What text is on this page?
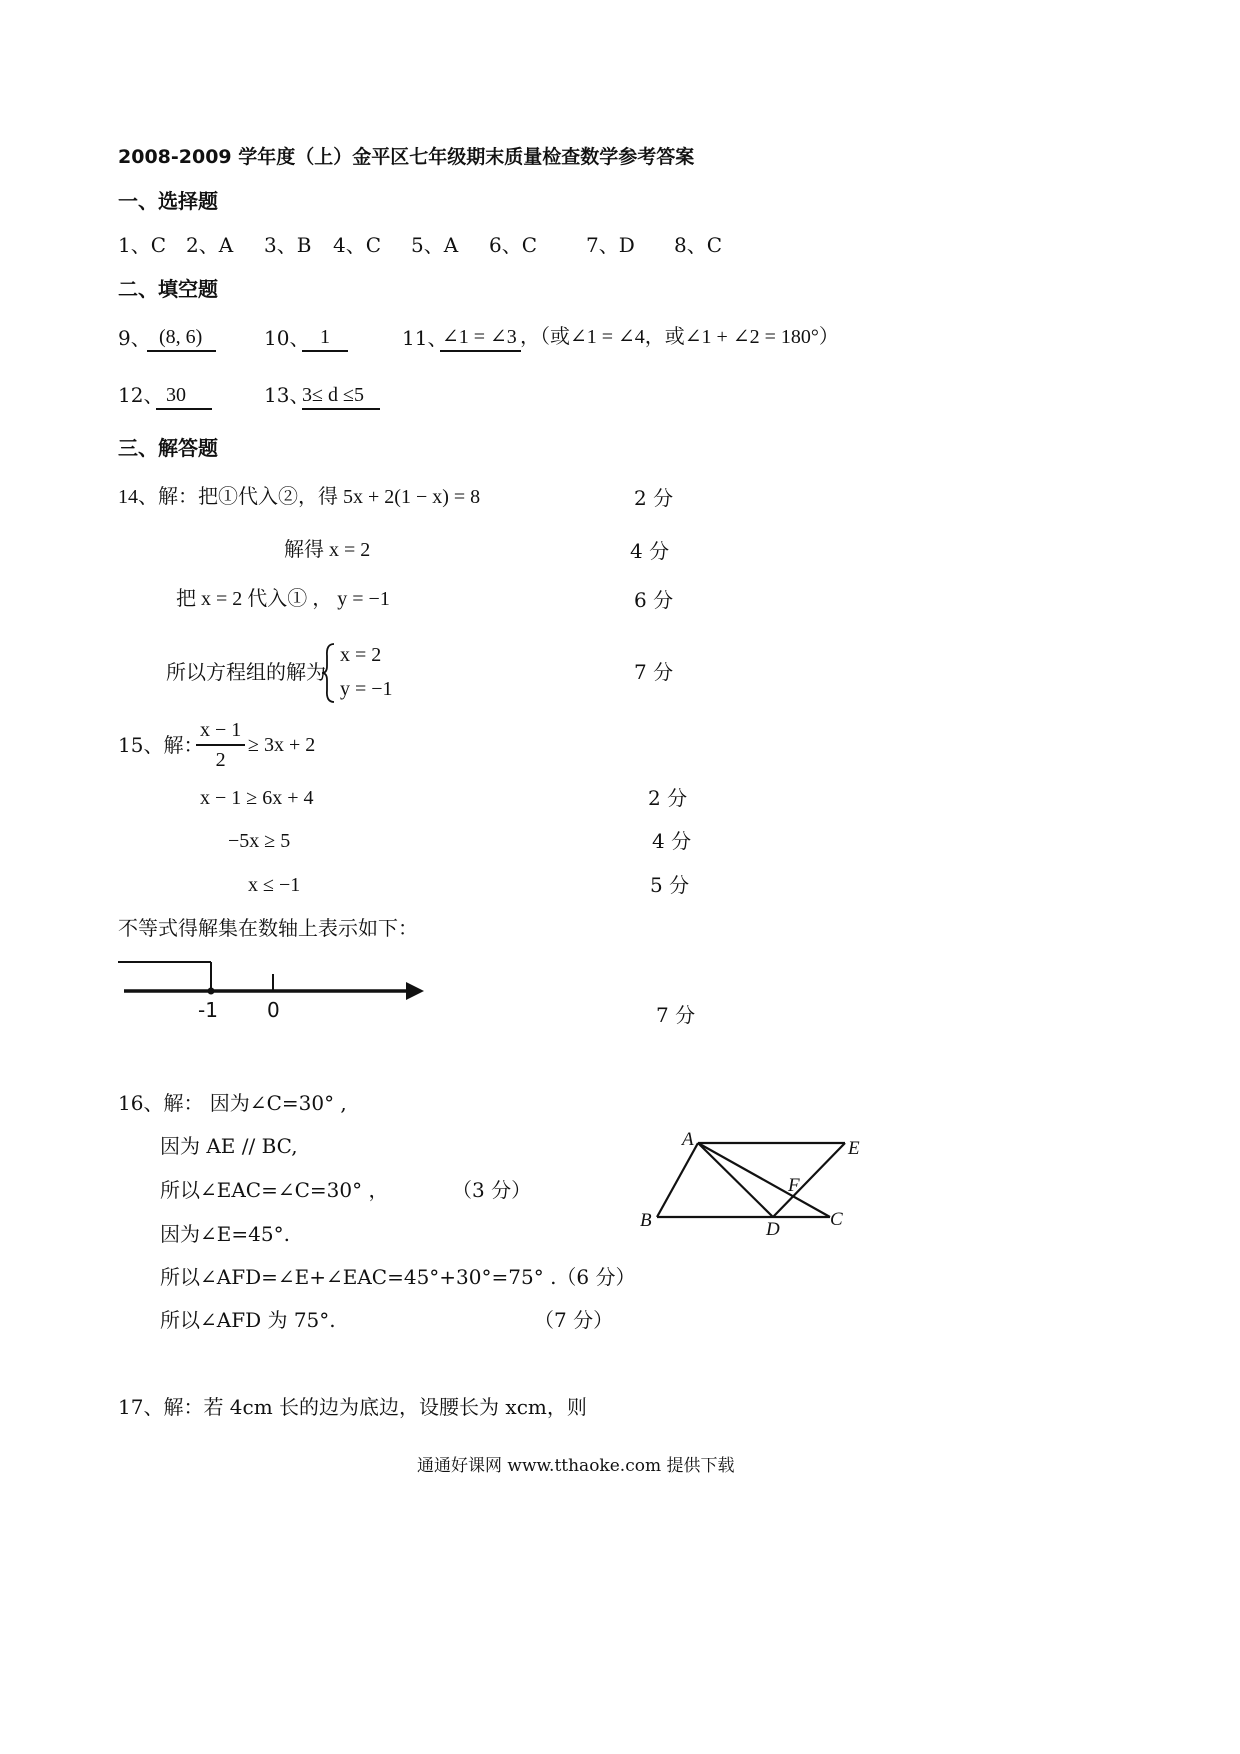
2008-2009 学年度（上）金平区七年级期末质量检查数学参考答案
一、选择题
1、C 2、A 3、B 4、C 5、A 6、C 7、D 8、C
二、填空题
9、 (8, 6)	10、 1	11、
∠1 = ∠3 ，（或∠1 = ∠4，或∠1 + ∠2 = 180°）
12、 30	13、
3≤ d ≤5
三、解答题
14、解：把①代入②，得 5x + 2(1 − x) = 8	2 分
解得 x = 2	4 分
把 x = 2 代入① ， y = −1	6 分
所以方程组的解为
x = 2
y = −1
7 分
15、解：
$\frac{x - 1}{2} \ge 3x + 2$
x − 1 ≥ 6x + 4	2 分
−5x ≥ 5	4 分
x ≤ −1	5 分
不等式得解集在数轴上表示如下：
-1 0	7 分
16、解： 因为∠C=30° ,
因为 AE // BC,
所以∠EAC=∠C=30° ，	（3 分）
因为∠E=45°.
所以∠AFD=∠E+∠EAC=45°+30°=75° .（6 分）
所以∠AFD 为 75°.	（7 分）
A	E
B	C
D
F
17、解：若 4cm 长的边为底边，设腰长为 xcm，则
通通好课网 www.tthaoke.com 提供下载
